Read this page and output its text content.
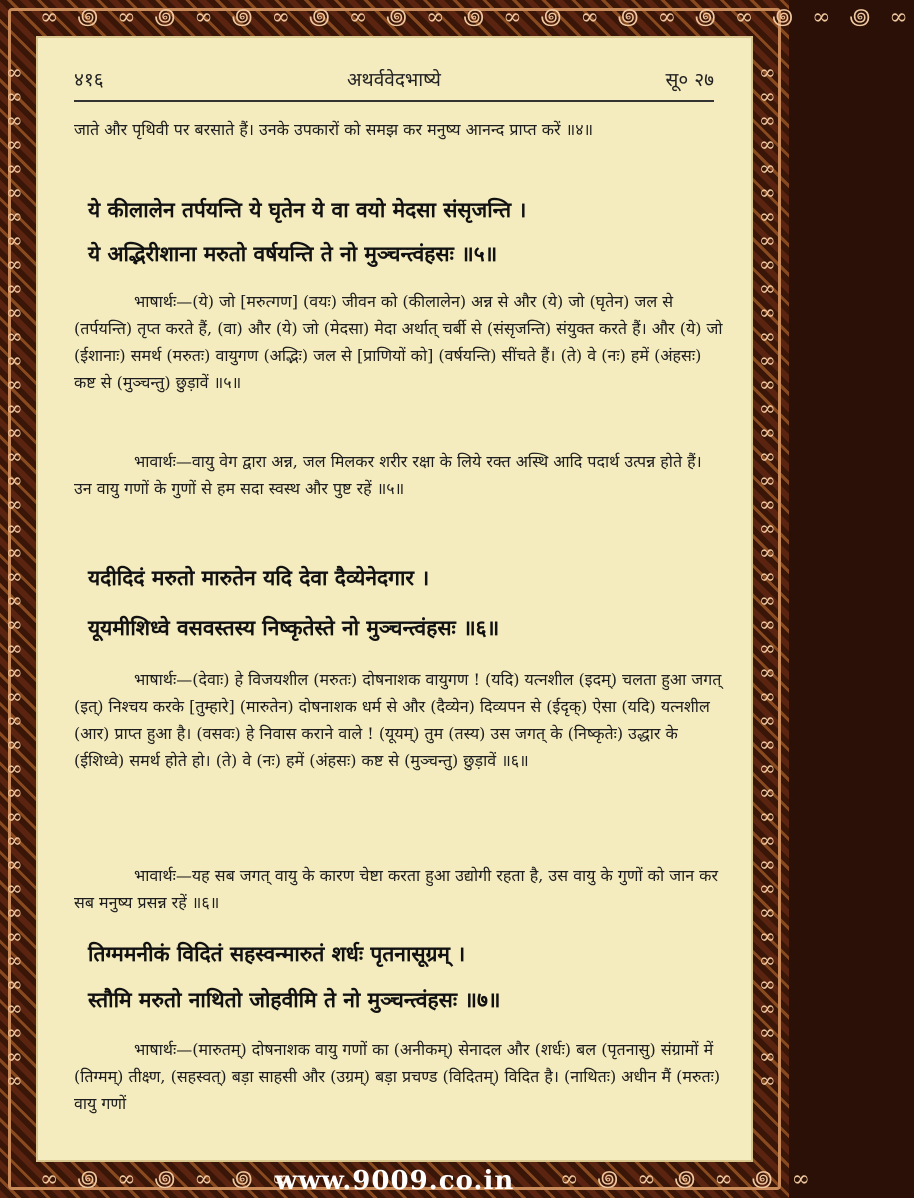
∞ ꩜ ∞ ꩜ ∞ ꩜ ∞ ꩜ ∞ ꩜ ∞ ꩜ ∞ ꩜ ∞ ꩜ ∞ ꩜ ∞ ꩜ ∞ ꩜ ∞
∞ ∞ ∞ ∞ ∞ ∞ ∞ ∞ ∞ ∞ ∞ ∞ ∞ ∞ ∞ ∞ ∞ ∞ ∞ ∞ ∞ ∞ ∞ ∞ ∞ ∞ ∞ ∞ ∞ ∞ ∞ ∞ ∞ ∞ ∞ ∞ ∞ ∞ ∞ ∞ ∞ ∞ ∞
∞ ∞ ∞ ∞ ∞ ∞ ∞ ∞ ∞ ∞ ∞ ∞ ∞ ∞ ∞ ∞ ∞ ∞ ∞ ∞ ∞ ∞ ∞ ∞ ∞ ∞ ∞ ∞ ∞ ∞ ∞ ∞ ∞ ∞ ∞ ∞ ∞ ∞ ∞ ∞ ∞ ∞ ∞
∞ ꩜ ∞ ꩜ ∞ ꩜ ∞	∞ ꩜ ∞ ꩜ ∞ ꩜ ∞
अथर्ववेदभाष्ये
४१६	सू० २७

जाते और पृथिवी पर बरसाते हैं। उनके उपकारों को समझ कर मनुष्य आनन्द प्राप्त करें ॥४॥

ये कीलालेन तर्पयन्ति ये घृतेन ये वा वयो मेदसा संसृजन्ति ।

ये अद्भिरीशाना मरुतो वर्षयन्ति ते नो मुञ्चन्त्वंहसः ॥५॥

भाषार्थः—(ये) जो [मरुत्गण] (वयः) जीवन को (कीलालेन) अन्न से और (ये) जो (घृतेन) जल से (तर्पयन्ति) तृप्त करते हैं, (वा) और (ये) जो (मेदसा) मेदा अर्थात् चर्बी से (संसृजन्ति) संयुक्त करते हैं। और (ये) जो (ईशानाः) समर्थ (मरुतः) वायुगण (अद्भिः) जल से [प्राणियों को] (वर्षयन्ति) सींचते हैं। (ते) वे (नः) हमें (अंहसः) कष्ट से (मुञ्चन्तु) छुड़ावें ॥५॥

भावार्थः—वायु वेग द्वारा अन्न, जल मिलकर शरीर रक्षा के लिये रक्त अस्थि आदि पदार्थ उत्पन्न होते हैं। उन वायु गणों के गुणों से हम सदा स्वस्थ और पुष्ट रहें ॥५॥

यदीदिदं मरुतो मारुतेन यदि देवा दैव्येनेदगार ।

यूयमीशिध्वे वसवस्तस्य निष्कृतेस्ते नो मुञ्चन्त्वंहसः ॥६॥

भाषार्थः—(देवाः) हे विजयशील (मरुतः) दोषनाशक वायुगण ! (यदि) यत्नशील (इदम्) चलता हुआ जगत् (इत्) निश्चय करके [तुम्हारे] (मारुतेन) दोषनाशक धर्म से और (दैव्येन) दिव्यपन से (ईदृक्) ऐसा (यदि) यत्नशील (आर) प्राप्त हुआ है। (वसवः) हे निवास कराने वाले ! (यूयम्) तुम (तस्य) उस जगत् के (निष्कृतेः) उद्धार के (ईशिध्वे) समर्थ होते हो। (ते) वे (नः) हमें (अंहसः) कष्ट से (मुञ्चन्तु) छुड़ावें ॥६॥

भावार्थः—यह सब जगत् वायु के कारण चेष्टा करता हुआ उद्योगी रहता है, उस वायु के गुणों को जान कर सब मनुष्य प्रसन्न रहें ॥६॥

तिग्ममनीकं विदितं सहस्वन्मारुतं शर्धः पृतनासूग्रम् ।

स्तौमि मरुतो नाथितो जोहवीमि ते नो मुञ्चन्त्वंहसः ॥७॥

भाषार्थः—(मारुतम्) दोषनाशक वायु गणों का (अनीकम्) सेनादल और (शर्धः) बल (पृतनासु) संग्रामों में (तिग्मम्) तीक्ष्ण, (सहस्वत्) बड़ा साहसी और (उग्रम्) बड़ा प्रचण्ड (विदितम्) विदित है। (नाथितः) अधीन मैं (मरुतः) वायु गणों

www.9009.co.in
